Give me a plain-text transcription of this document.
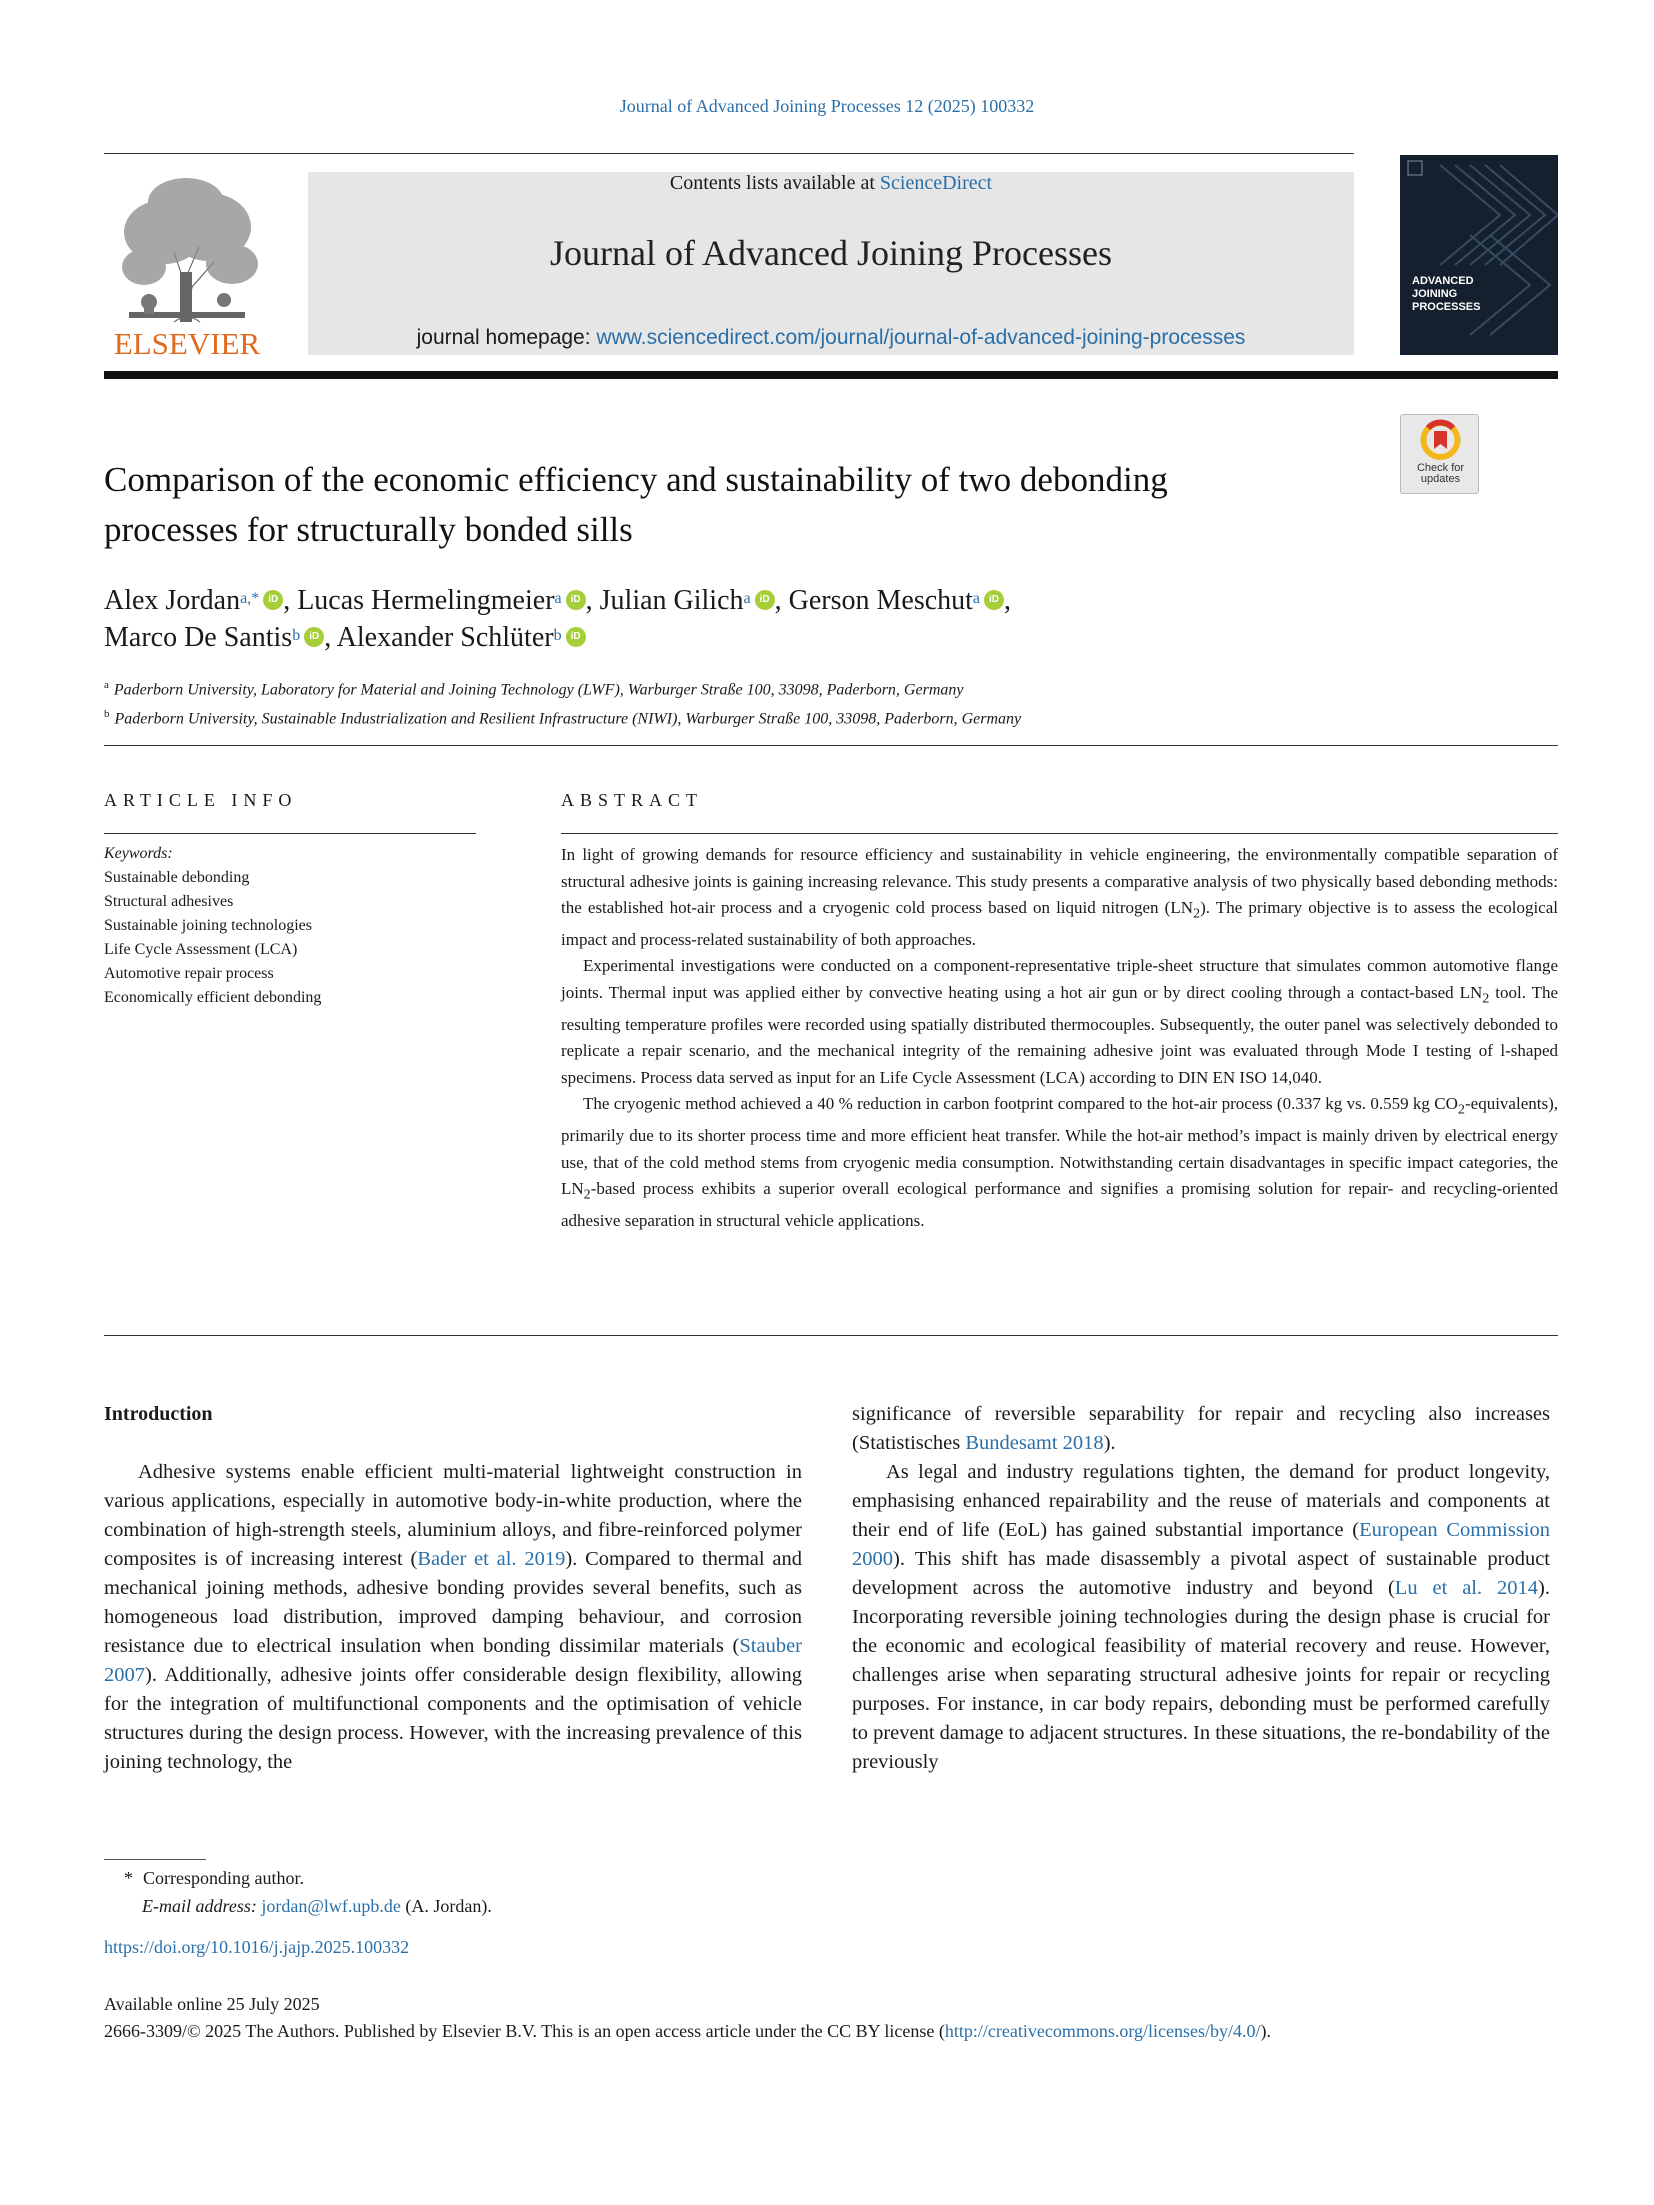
Journal of Advanced Joining Processes 12 (2025) 100332
ELSEVIER
Contents lists available at ScienceDirect
Journal of Advanced Joining Processes
journal homepage: www.sciencedirect.com/journal/journal-of-advanced-joining-processes
ADVANCED JOINING PROCESSES
Check for updates
Comparison of the economic efficiency and sustainability of two debonding
processes for structurally bonded sills
Alex Jordan$^{a,*}$ iD , Lucas Hermelingmeier$^a$ iD , Julian Gilich$^a$ iD , Gerson Meschut$^a$ iD ,
Marco De Santis$^b$ iD , Alexander Schlüter$^b$ iD
$^a$ Paderborn University, Laboratory for Material and Joining Technology (LWF), Warburger Straße 100, 33098, Paderborn, Germany
$^b$ Paderborn University, Sustainable Industrialization and Resilient Infrastructure (NIWI), Warburger Straße 100, 33098, Paderborn, Germany
ARTICLE INFO	ABSTRACT
Keywords:
Sustainable debonding
Structural adhesives
Sustainable joining technologies
Life Cycle Assessment (LCA)
Automotive repair process
Economically efficient debonding

In light of growing demands for resource efficiency and sustainability in vehicle engineering, the environmentally compatible separation of structural adhesive joints is gaining increasing relevance. This study presents a comparative analysis of two physically based debonding methods: the established hot-air process and a cryogenic cold process based on liquid nitrogen $(LN_2)$. The primary objective is to assess the ecological impact and process-related sustainability of both approaches.

Experimental investigations were conducted on a component-representative triple-sheet structure that simulates common automotive flange joints. Thermal input was applied either by convective heating using a hot air gun or by direct cooling through a contact-based $LN_2$ tool. The resulting temperature profiles were recorded using spatially distributed thermocouples. Subsequently, the outer panel was selectively debonded to replicate a repair scenario, and the mechanical integrity of the remaining adhesive joint was evaluated through Mode I testing of l-shaped specimens. Process data served as input for an Life Cycle Assessment (LCA) according to DIN EN ISO 14,040.

The cryogenic method achieved a 40 % reduction in carbon footprint compared to the hot-air process (0.337 kg vs. 0.559 kg $CO_2-equivalents$), primarily due to its shorter process time and more efficient heat transfer. While the hot-air method’s impact is mainly driven by electrical energy use, that of the cold method stems from cryogenic media consumption. Notwithstanding certain disadvantages in specific impact categories, the $LN_2$-based process exhibits a superior overall ecological performance and signifies a promising solution for repair- and recycling-oriented adhesive separation in structural vehicle applications.

Introduction

Adhesive systems enable efficient multi-material lightweight construction in various applications, especially in automotive body-in-white production, where the combination of high-strength steels, aluminium alloys, and fibre-reinforced polymer composites is of increasing interest (Bader et al. 2019). Compared to thermal and mechanical joining methods, adhesive bonding provides several benefits, such as homogeneous load distribution, improved damping behaviour, and corrosion resistance due to electrical insulation when bonding dissimilar materials (Stauber 2007). Additionally, adhesive joints offer considerable design flexibility, allowing for the integration of multifunctional components and the optimisation of vehicle structures during the design process. However, with the increasing prevalence of this joining technology, the

significance of reversible separability for repair and recycling also increases (Statistisches Bundesamt 2018).

As legal and industry regulations tighten, the demand for product longevity, emphasising enhanced repairability and the reuse of materials and components at their end of life (EoL) has gained substantial importance (European Commission 2000). This shift has made disassembly a pivotal aspect of sustainable product development across the automotive industry and beyond (Lu et al. 2014). Incorporating reversible joining technologies during the design phase is crucial for the economic and ecological feasibility of material recovery and reuse. However, challenges arise when separating structural adhesive joints for repair or recycling purposes. For instance, in car body repairs, debonding must be performed carefully to prevent damage to adjacent structures. In these situations, the re-bondability of the previously

* Corresponding author.
E-mail address: jordan@lwf.upb.de (A. Jordan).
https://doi.org/10.1016/j.jajp.2025.100332
Available online 25 July 2025
2666-3309/© 2025 The Authors. Published by Elsevier B.V. This is an open access article under the CC BY license (http://creativecommons.org/licenses/by/4.0/).
